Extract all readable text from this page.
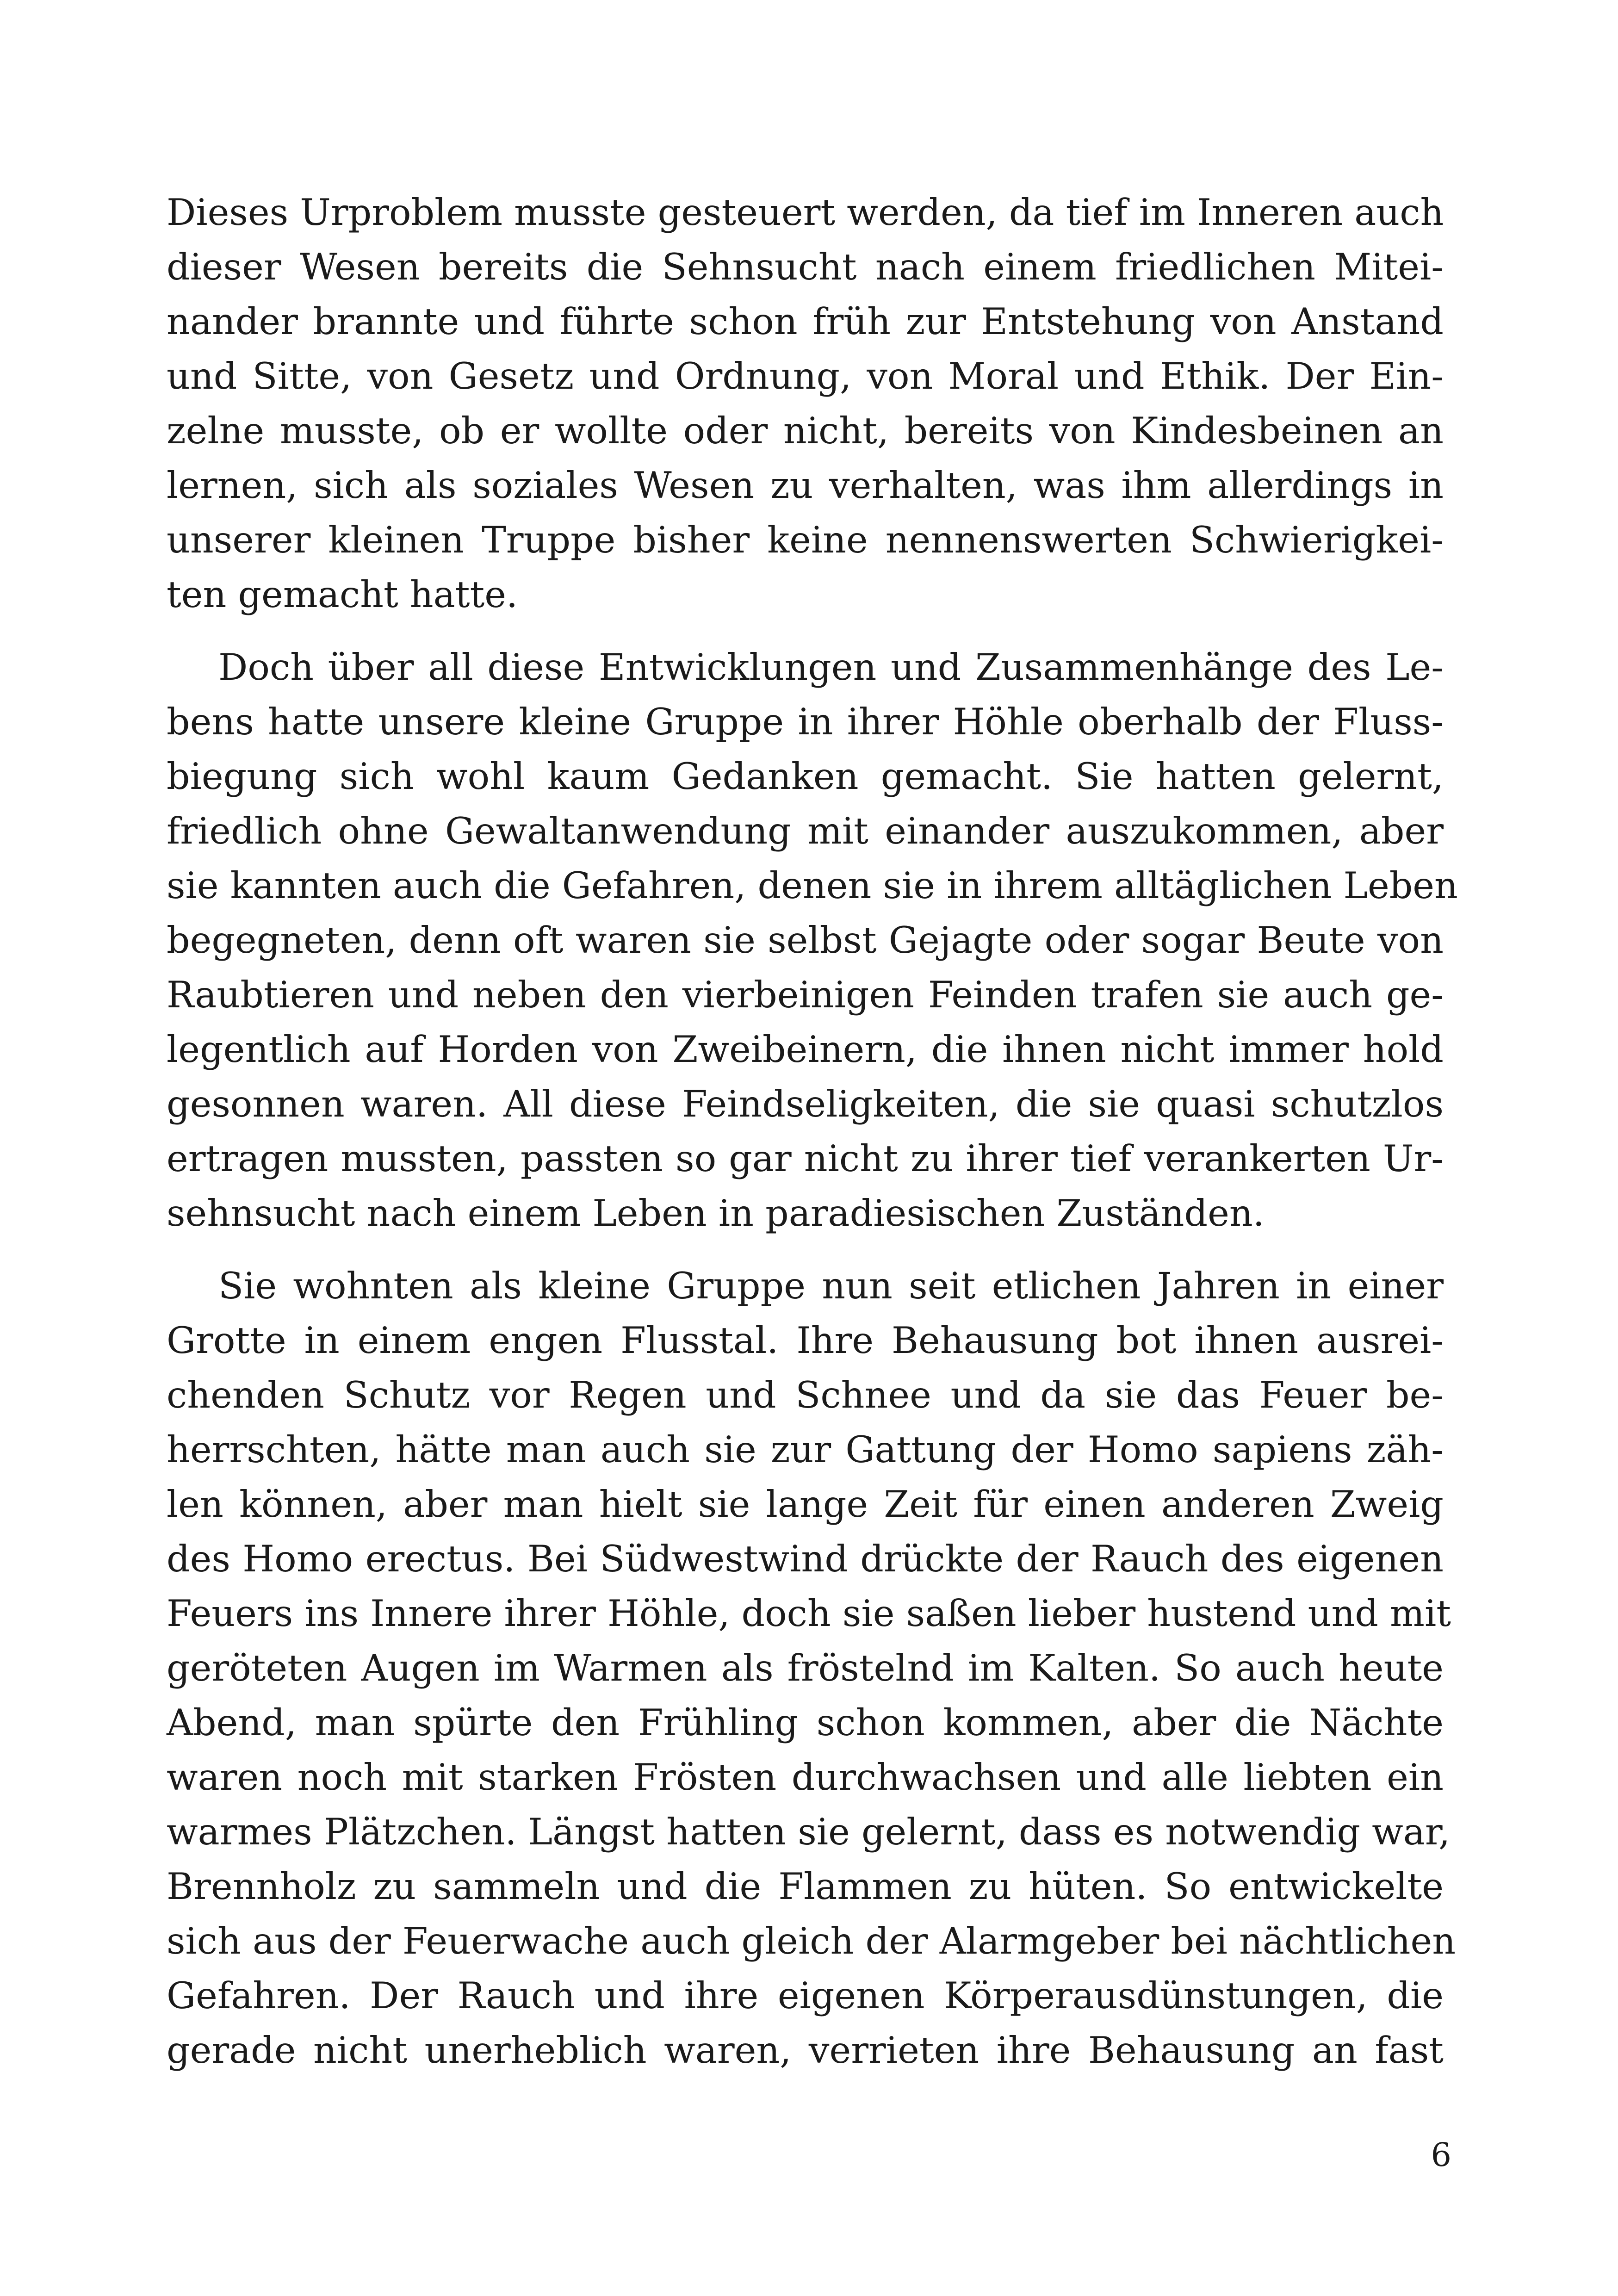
Dieses Urproblem musste gesteuert werden, da tief im Inneren auch
dieser Wesen bereits die Sehnsucht nach einem friedlichen Mitei-
nander brannte und führte schon früh zur Entstehung von Anstand
und Sitte, von Gesetz und Ordnung, von Moral und Ethik. Der Ein-
zelne musste, ob er wollte oder nicht, bereits von Kindesbeinen an
lernen, sich als soziales Wesen zu verhalten, was ihm allerdings in
unserer kleinen Truppe bisher keine nennenswerten Schwierigkei-
ten gemacht hatte.
Doch über all diese Entwicklungen und Zusammenhänge des Le-
bens hatte unsere kleine Gruppe in ihrer Höhle oberhalb der Fluss-
biegung sich wohl kaum Gedanken gemacht. Sie hatten gelernt,
friedlich ohne Gewaltanwendung mit einander auszukommen, aber
sie kannten auch die Gefahren, denen sie in ihrem alltäglichen Leben
begegneten, denn oft waren sie selbst Gejagte oder sogar Beute von
Raubtieren und neben den vierbeinigen Feinden trafen sie auch ge-
legentlich auf Horden von Zweibeinern, die ihnen nicht immer hold
gesonnen waren. All diese Feindseligkeiten, die sie quasi schutzlos
ertragen mussten, passten so gar nicht zu ihrer tief verankerten Ur-
sehnsucht nach einem Leben in paradiesischen Zuständen.
Sie wohnten als kleine Gruppe nun seit etlichen Jahren in einer
Grotte in einem engen Flusstal. Ihre Behausung bot ihnen ausrei-
chenden Schutz vor Regen und Schnee und da sie das Feuer be-
herrschten, hätte man auch sie zur Gattung der Homo sapiens zäh-
len können, aber man hielt sie lange Zeit für einen anderen Zweig
des Homo erectus. Bei Südwestwind drückte der Rauch des eigenen
Feuers ins Innere ihrer Höhle, doch sie saßen lieber hustend und mit
geröteten Augen im Warmen als fröstelnd im Kalten. So auch heute
Abend, man spürte den Frühling schon kommen, aber die Nächte
waren noch mit starken Frösten durchwachsen und alle liebten ein
warmes Plätzchen. Längst hatten sie gelernt, dass es notwendig war,
Brennholz zu sammeln und die Flammen zu hüten. So entwickelte
sich aus der Feuerwache auch gleich der Alarmgeber bei nächtlichen
Gefahren. Der Rauch und ihre eigenen Körperausdünstungen, die
gerade nicht unerheblich waren, verrieten ihre Behausung an fast
6
